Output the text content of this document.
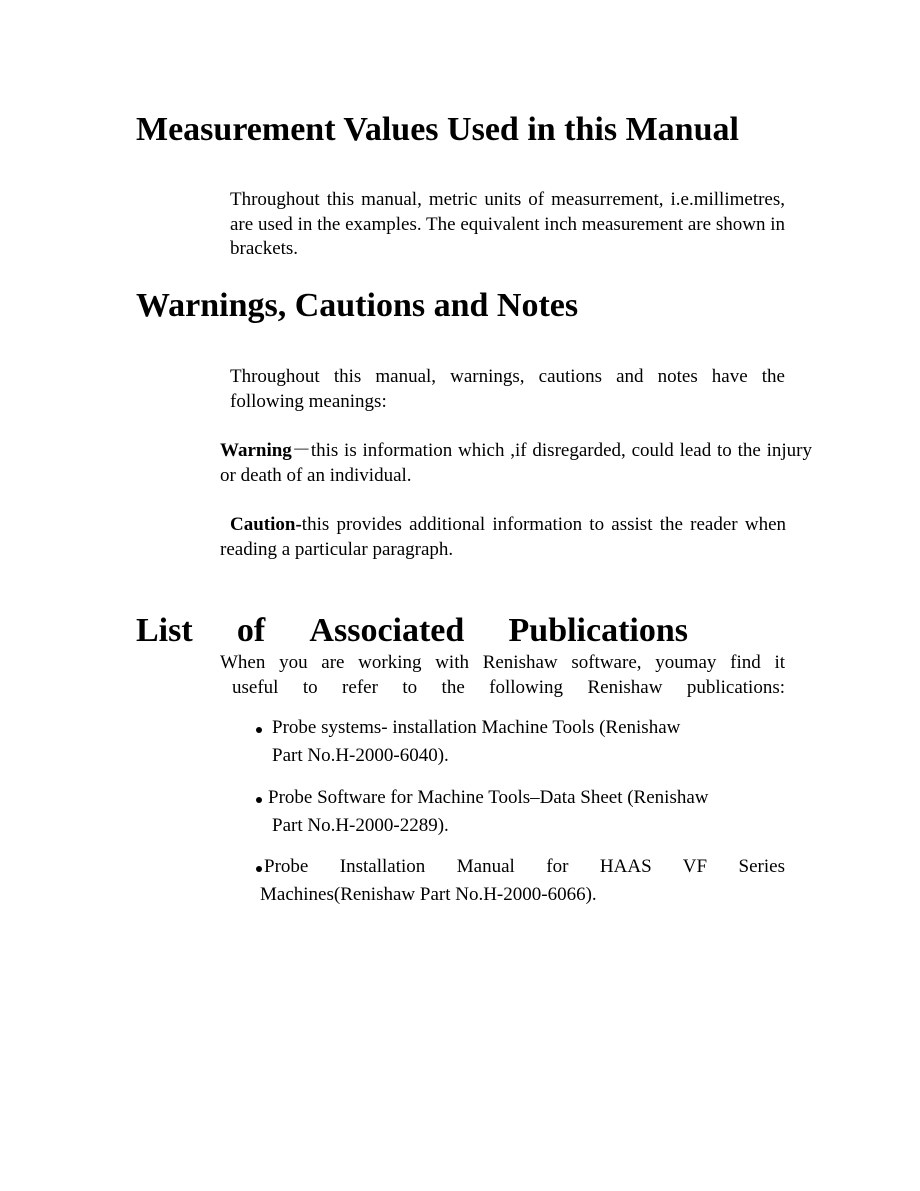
Measurement Values Used in this Manual

Throughout this manual, metric units of measurrement, i.e.millimetres, are used in the examples. The equivalent inch measurement are shown in brackets.

Warnings, Cautions and Notes

Throughout this manual, warnings, cautions and notes have the following meanings:

Warning－this is information which ,if disregarded, could lead to the injury or death of an individual.

Caution-this provides additional information to assist the reader when reading a particular paragraph.

List of Associated Publications

When you are working with Renishaw software, youmay find it
useful to refer to the following Renishaw publications:

Probe systems- installation Machine Tools (Renishaw
Part No.H-2000-6040).
Probe Software for Machine Tools–Data Sheet (Renishaw
Part No.H-2000-2289).
Probe Installation Manual for HAAS VF Series
Machines(Renishaw Part No.H-2000-6066).
